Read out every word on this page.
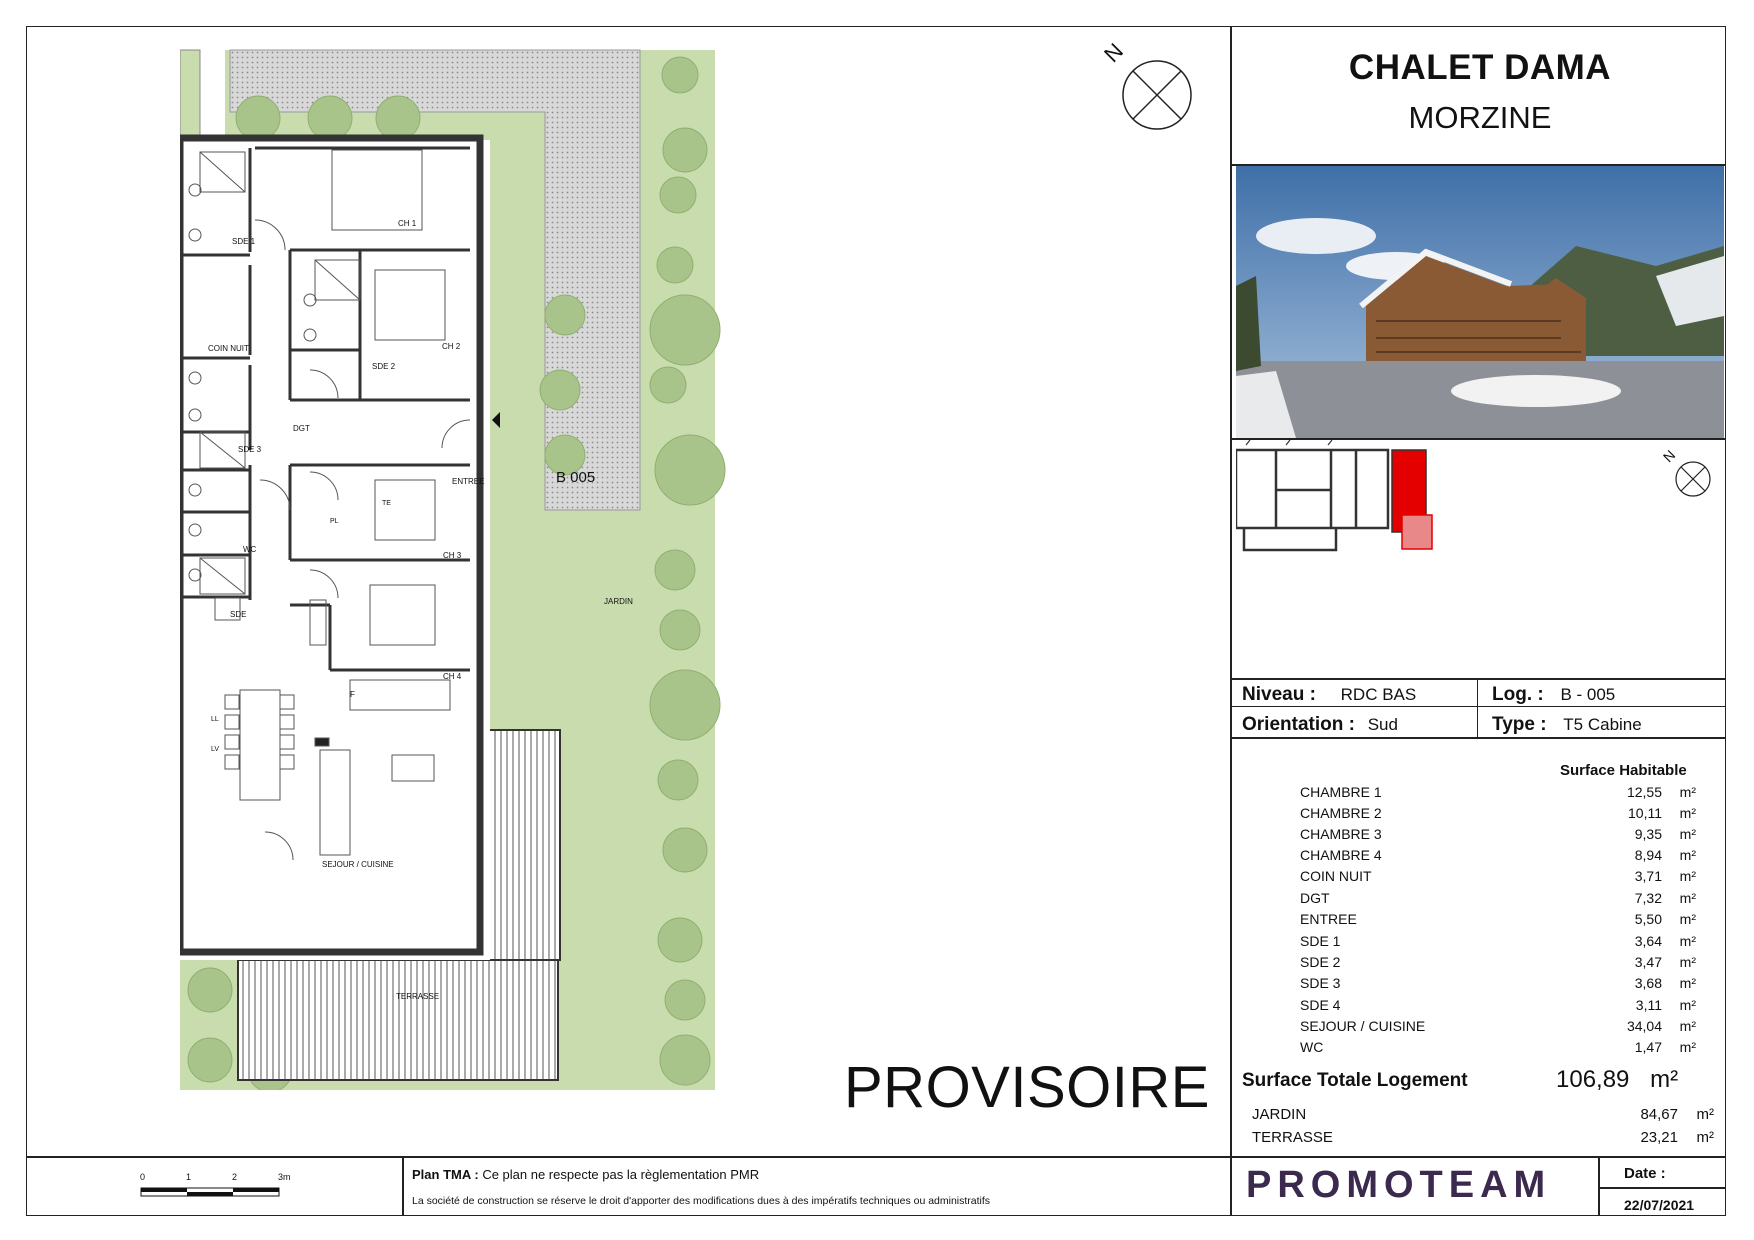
CH 1
SDE 1
COIN NUIT	CH 2
SDE 2
DGT
SDE 3
ENTREE	B 005
TE
PL
WC
CH 3
JARDIN
SDE
CH 4
F
LL
LV
SEJOUR / CUISINE
TERRASSE
N
PROVISOIRE
CHALET DAMA
MORZINE
N
Niveau : RDC BAS	Log. : B - 005
Orientation : Sud	Type : T5 Cabine
Surface Habitable
CHAMBRE 1	12,55 m²
CHAMBRE 2	10,11 m²
CHAMBRE 3	9,35 m²
CHAMBRE 4	8,94 m²
COIN NUIT	3,71 m²
DGT	7,32 m²
ENTREE	5,50 m²
SDE 1	3,64 m²
SDE 2	3,47 m²
SDE 3	3,68 m²
SDE 4	3,11 m²
SEJOUR / CUISINE	34,04 m²
WC	1,47 m²
Surface Totale Logement	106,89 m²
JARDIN	84,67 m²
TERRASSE	23,21 m²
0	1	2	3m	Plan TMA : Ce plan ne respecte pas la règlementation PMR
La société de construction se réserve le droit d'apporter des modifications dues à des impératifs techniques ou administratifs	PROMOTEAM	Date :
22/07/2021
